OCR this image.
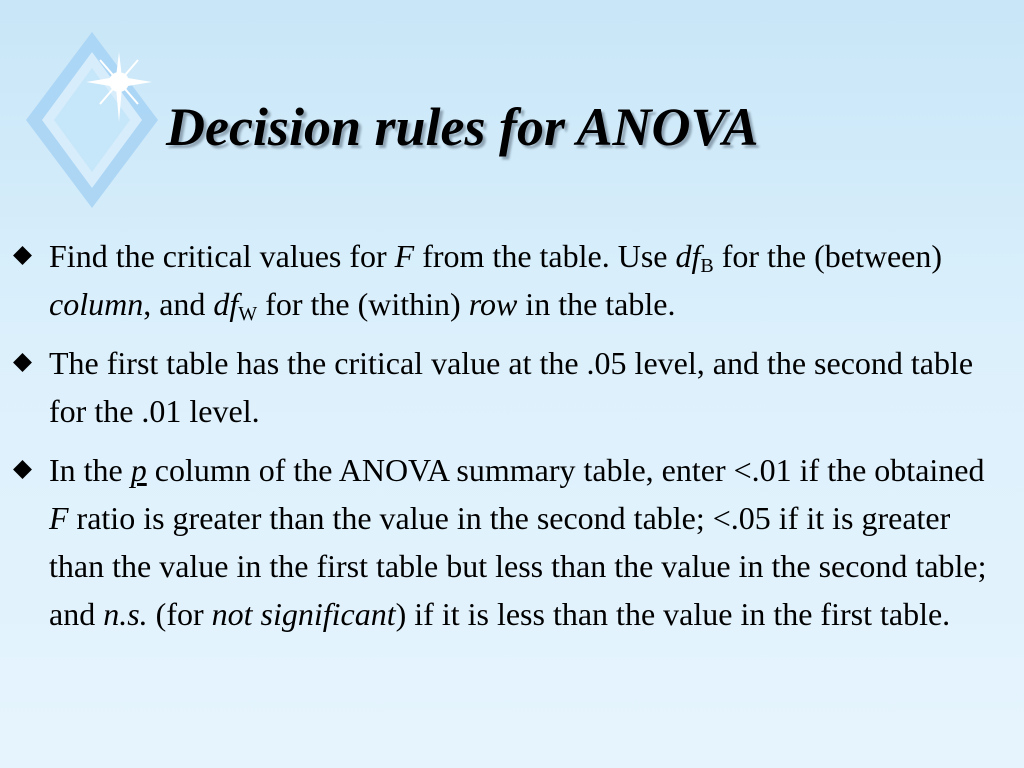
Decision rules for ANOVA
Find the critical values for F from the table. Use $df_B$ for the (between) column, and $df_W$ for the (within) row in the table.
The first table has the critical value at the .05 level, and the second table for the .01 level.
In the p column of the ANOVA summary table, enter <.01 if the obtained F ratio is greater than the value in the second table; <.05 if it is greater than the value in the first table but less than the value in the second table; and n.s. (for not significant) if it is less than the value in the first table.
